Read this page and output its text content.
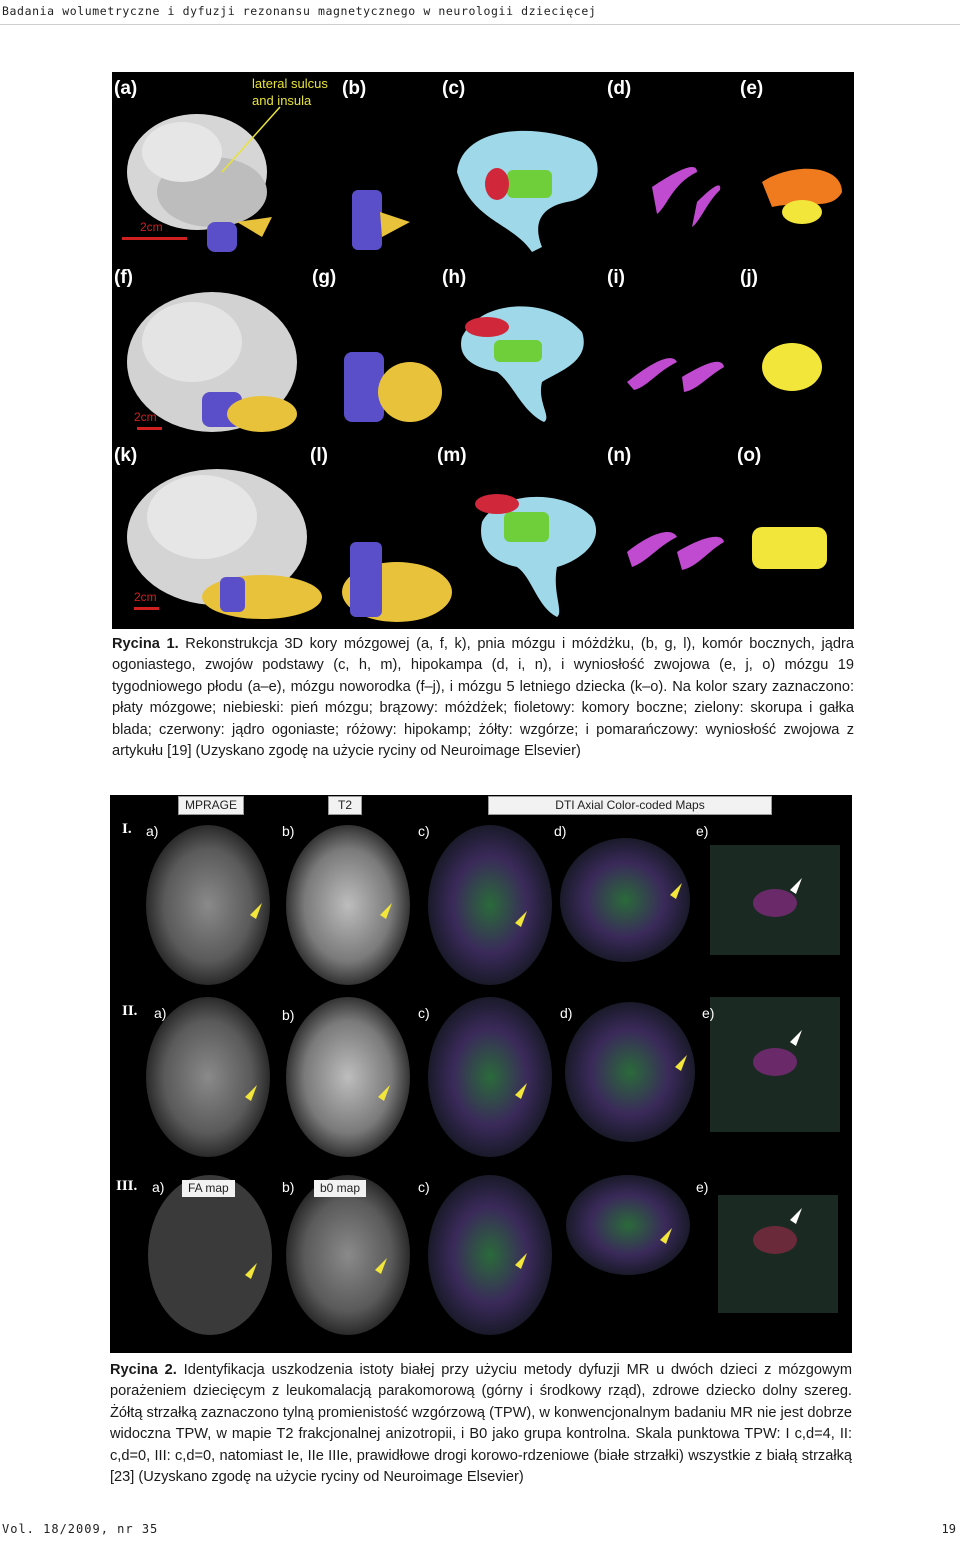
Badania wolumetryczne i dyfuzji rezonansu magnetycznego w neurologii dziecięcej
(a)	(b)	(c)	(d)	(e)
(f)	(g)	(h)	(i)	(j)
(k)	(l)	(m)	(n)	(o)
lateral sulcus
and insula
2cm
2cm
2cm
Rycina 1. Rekonstrukcja 3D kory mózgowej (a, f, k), pnia mózgu i móżdżku, (b, g, l), komór bocznych, jądra ogoniastego, zwojów podstawy (c, h, m), hipokampa (d, i, n), i wyniosłość zwojowa (e, j, o) mózgu 19 tygodniowego płodu (a–e), mózgu noworodka (f–j), i mózgu 5 letniego dziecka (k–o). Na kolor szary zaznaczono: płaty mózgowe; niebieski: pień mózgu; brązowy: móżdżek; fioletowy: komory boczne; zielony: skorupa i gałka blada; czerwony: jądro ogoniaste; różowy: hipokamp; żółty: wzgórze; i pomarańczowy: wyniosłość zwojowa z artykułu [19] (Uzyskano zgodę na użycie ryciny od Neuroimage Elsevier)
MPRAGE	T2	DTI Axial Color-coded Maps
I. a)	b)	c)	d)	e)
II. a)	b)	c)	d)	e)
III. a)	FA map	b)	b0 map	c)	e)
Rycina 2. Identyfikacja uszkodzenia istoty białej przy użyciu metody dyfuzji MR u dwóch dzieci z mózgowym porażeniem dziecięcym z leukomalacją parakomorową (górny i środkowy rząd), zdrowe dziecko dolny szereg. Żółtą strzałką zaznaczono tylną promienistość wzgórzową (TPW), w konwencjonalnym badaniu MR nie jest dobrze widoczna TPW, w mapie T2 frakcjonalnej anizotropii, i B0 jako grupa kontrolna. Skala punktowa TPW: I c,d=4, II: c,d=0, III: c,d=0, natomiast Ie, IIe IIIe, prawidłowe drogi korowo-rdzeniowe (białe strzałki) wszystkie z białą strzałką [23] (Uzyskano zgodę na użycie ryciny od Neuroimage Elsevier)
Vol. 18/2009, nr 35	19
